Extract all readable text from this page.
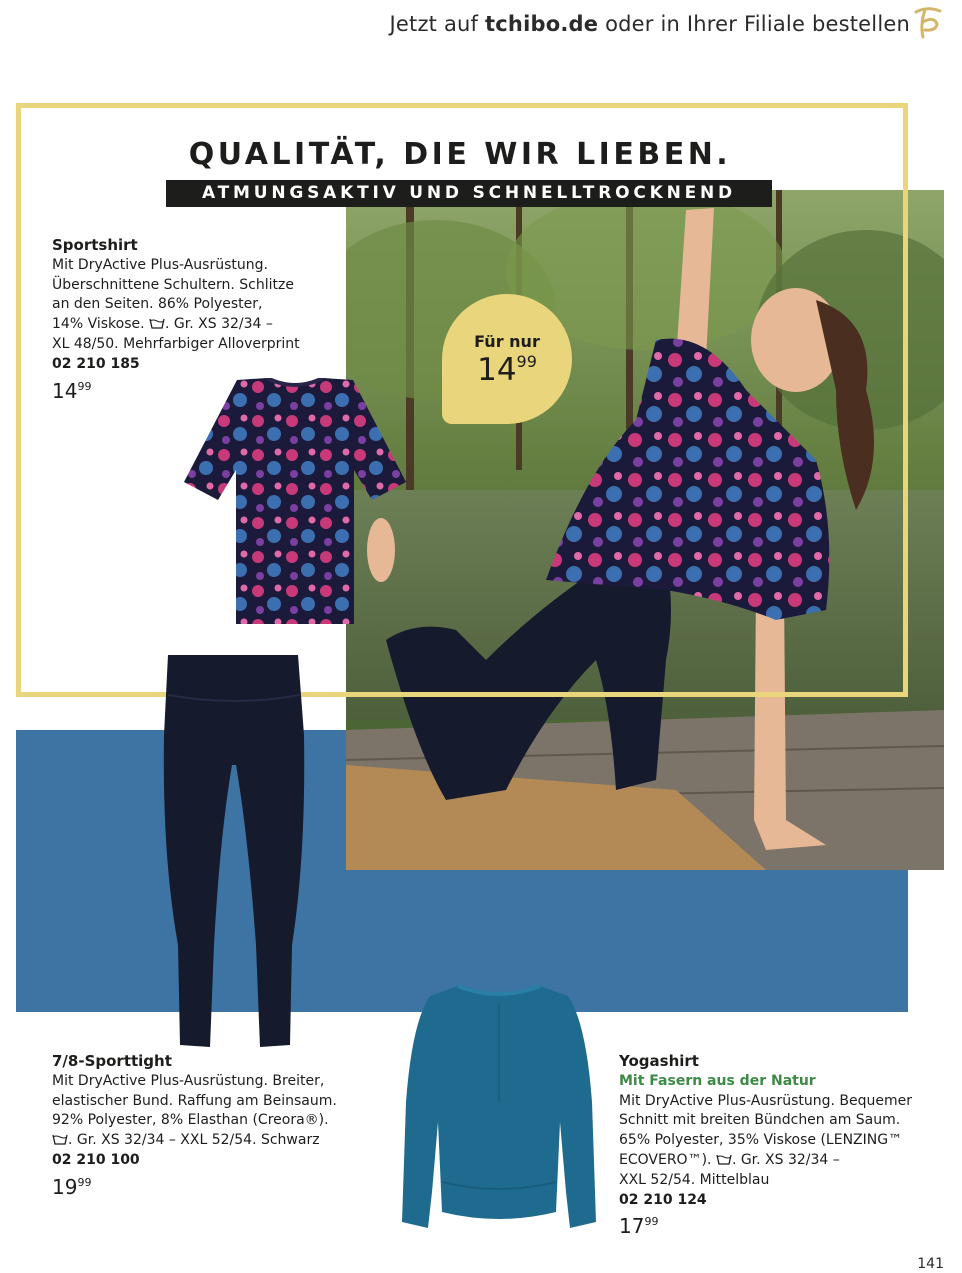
Jetzt auf tchibo.de oder in Ihrer Filiale bestellen
QUALITÄT, DIE WIR LIEBEN.
ATMUNGSAKTIV UND SCHNELLTROCKNEND
Für nur
$14^{99}$
Sportshirt
Mit DryActive Plus-Ausrüstung.
Überschnittene Schultern. Schlitze
an den Seiten. 86% Polyester,
14% Viskose.
. Gr. XS 32/34 –
XL 48/50. Mehrfarbiger Alloverprint
02 210 185
$14^{99}$
7/8-Sporttight
Mit DryActive Plus-Ausrüstung. Breiter,
elastischer Bund. Raffung am Beinsaum.
92% Polyester, 8% Elasthan (Creora®).
. Gr. XS 32/34 – XXL 52/54. Schwarz
02 210 100
$19^{99}$
Yogashirt
Mit Fasern aus der Natur
Mit DryActive Plus-Ausrüstung. Bequemer
Schnitt mit breiten Bündchen am Saum.
65% Polyester, 35% Viskose (LENZING™
ECOVERO™).
. Gr. XS 32/34 –
XXL 52/54. Mittelblau
02 210 124
$17^{99}$
141
